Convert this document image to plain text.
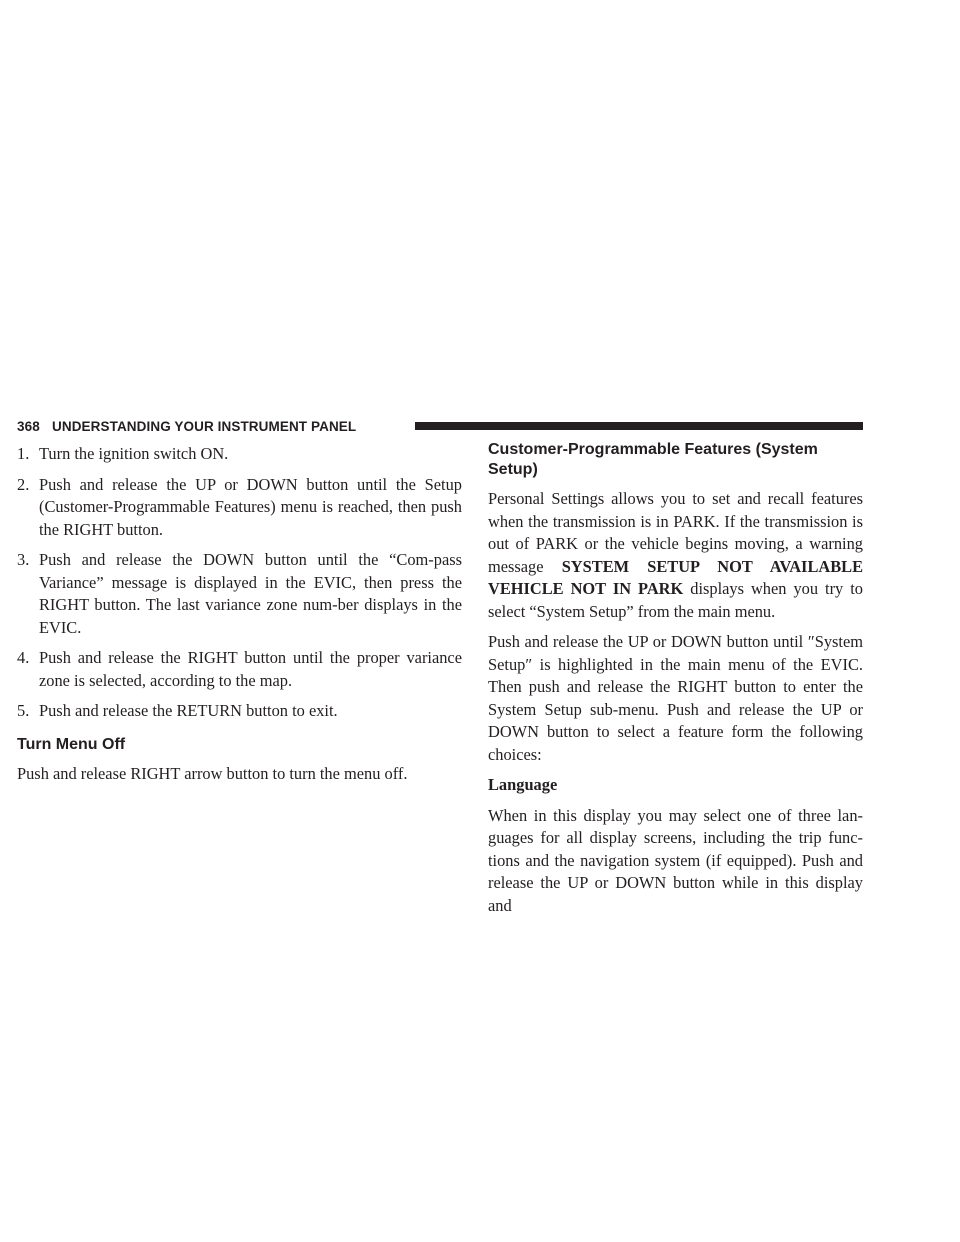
368 UNDERSTANDING YOUR INSTRUMENT PANEL
1. Turn the ignition switch ON.
2. Push and release the UP or DOWN button until the Setup (Customer-Programmable Features) menu is reached, then push the RIGHT button.
3. Push and release the DOWN button until the “Com-pass Variance” message is displayed in the EVIC, then press the RIGHT button. The last variance zone num-ber displays in the EVIC.
4. Push and release the RIGHT button until the proper variance zone is selected, according to the map.
5. Push and release the RETURN button to exit.
Turn Menu Off

Push and release RIGHT arrow button to turn the menu off.

Customer-Programmable Features (System Setup)

Personal Settings allows you to set and recall features when the transmission is in PARK. If the transmission is out of PARK or the vehicle begins moving, a warning message SYSTEM SETUP NOT AVAILABLE VEHICLE NOT IN PARK displays when you try to select “System Setup” from the main menu.

Push and release the UP or DOWN button until ″System Setup″ is highlighted in the main menu of the EVIC. Then push and release the RIGHT button to enter the System Setup sub-menu. Push and release the UP or DOWN button to select a feature form the following choices:

Language

When in this display you may select one of three lan-guages for all display screens, including the trip func-tions and the navigation system (if equipped). Push and release the UP or DOWN button while in this display and
